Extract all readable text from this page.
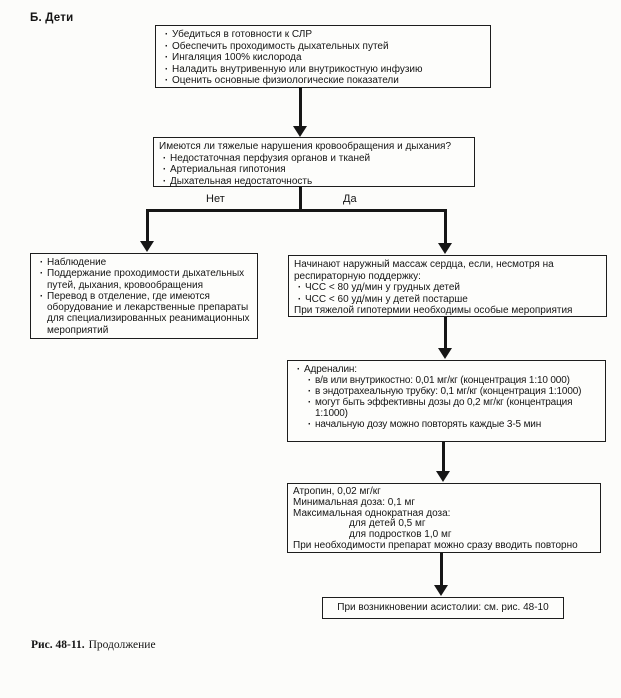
Б. Дети
·
Убедиться в готовности к СЛР
·
Обеспечить проходимость дыхательных путей
·
Ингаляция 100% кислорода
·
Наладить внутривенную или внутрикостную инфузию
·
Оценить основные физиологические показатели
Имеются ли тяжелые нарушения кровообращения и дыхания?
·
Недостаточная перфузия органов и тканей
·
Артериальная гипотония
·
Дыхательная недостаточность
Нет	Да
·
Наблюдение
·
Поддержание проходимости дыхательных путей, дыхания, кровообращения
·
Перевод в отделение, где имеются оборудование и лекарственные препараты для специализированных реанимационных мероприятий
Начинают наружный массаж сердца, если, несмотря на респираторную поддержку:
·
ЧСС < 80 уд/мин у грудных детей
·
ЧСС < 60 уд/мин у детей постарше
При тяжелой гипотермии необходимы особые мероприятия
·
Адреналин:
·
в/в или внутрикостно: 0,01 мг/кг (концентрация 1:10 000)
·
в эндотрахеальную трубку: 0,1 мг/кг (концентрация 1:1000)
·
могут быть эффективны дозы до 0,2 мг/кг (концентрация 1:1000)
·
начальную дозу можно повторять каждые 3-5 мин
Атропин, 0,02 мг/кг
Минимальная доза: 0,1 мг
Максимальная однократная доза:
для детей 0,5 мг
для подростков 1,0 мг
При необходимости препарат можно сразу вводить повторно
При возникновении асистолии: см. рис. 48-10
Рис. 48-11. Продолжение
